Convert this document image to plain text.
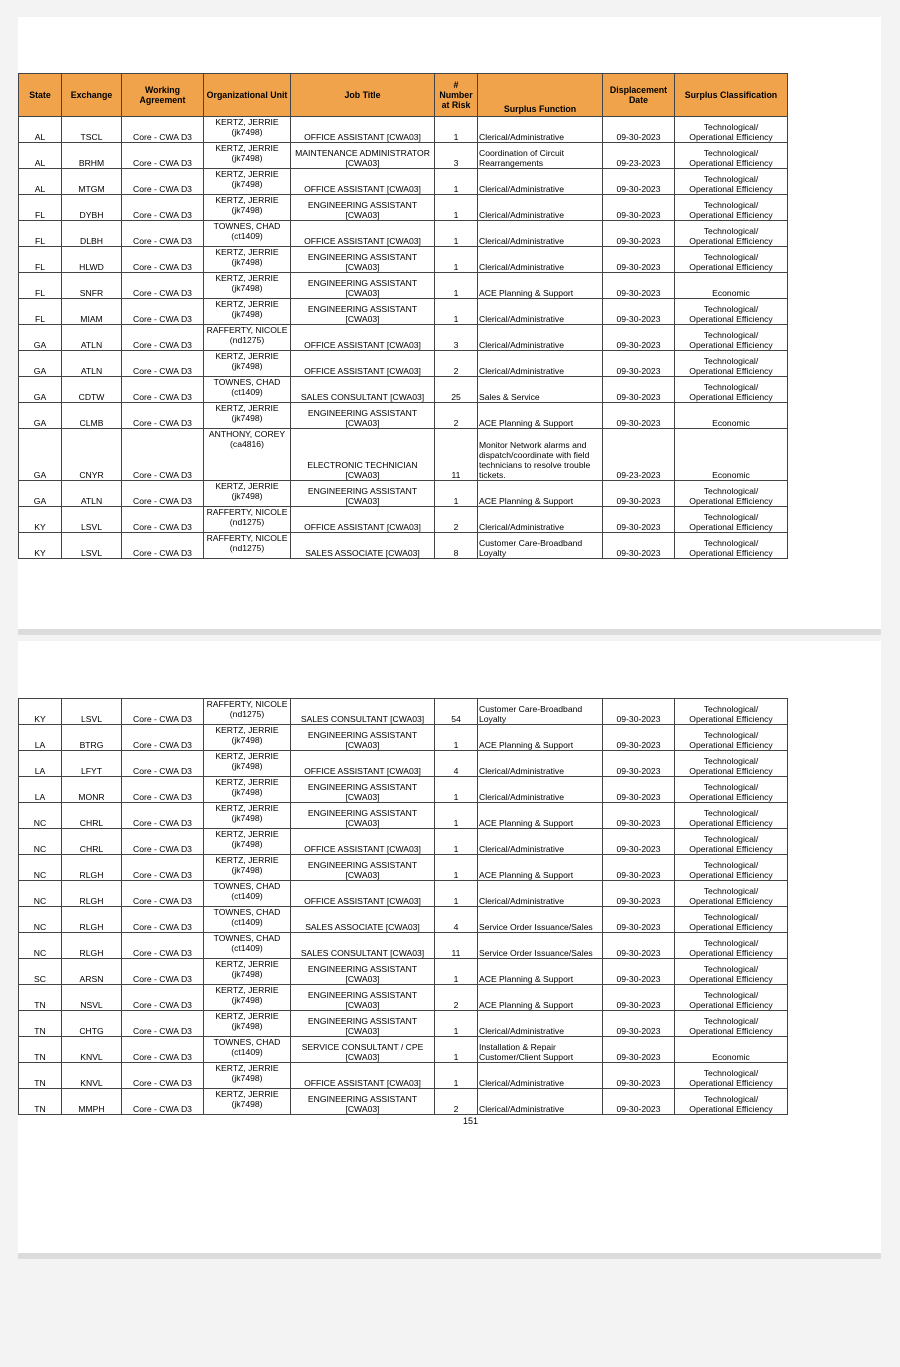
State	Exchange	Working
Agreement	Organizational Unit	Job Title	# Number
at Risk	Surplus Function	Displacement
Date	Surplus Classification
AL	TSCL	Core - CWA D3	KERTZ, JERRIE
(jk7498)	OFFICE ASSISTANT [CWA03]	1	Clerical/Administrative	09-30-2023	Technological/
Operational Efficiency

AL	BRHM	Core - CWA D3	KERTZ, JERRIE
(jk7498)	MAINTENANCE ADMINISTRATOR
[CWA03]	3	Coordination of Circuit Rearrangements	09-23-2023	Technological/
Operational Efficiency

AL	MTGM	Core - CWA D3	KERTZ, JERRIE
(jk7498)	OFFICE ASSISTANT [CWA03]	1	Clerical/Administrative	09-30-2023	Technological/
Operational Efficiency

FL	DYBH	Core - CWA D3	KERTZ, JERRIE
(jk7498)	ENGINEERING ASSISTANT
[CWA03]	1	Clerical/Administrative	09-30-2023	Technological/
Operational Efficiency

FL	DLBH	Core - CWA D3	TOWNES, CHAD
(ct1409)	OFFICE ASSISTANT [CWA03]	1	Clerical/Administrative	09-30-2023	Technological/
Operational Efficiency

FL	HLWD	Core - CWA D3	KERTZ, JERRIE
(jk7498)	ENGINEERING ASSISTANT
[CWA03]	1	Clerical/Administrative	09-30-2023	Technological/
Operational Efficiency

FL	SNFR	Core - CWA D3	KERTZ, JERRIE
(jk7498)	ENGINEERING ASSISTANT
[CWA03]	1	ACE Planning & Support	09-30-2023	Economic

FL	MIAM	Core - CWA D3	KERTZ, JERRIE
(jk7498)	ENGINEERING ASSISTANT
[CWA03]	1	Clerical/Administrative	09-30-2023	Technological/
Operational Efficiency

GA	ATLN	Core - CWA D3	RAFFERTY, NICOLE
(nd1275)	OFFICE ASSISTANT [CWA03]	3	Clerical/Administrative	09-30-2023	Technological/
Operational Efficiency

GA	ATLN	Core - CWA D3	KERTZ, JERRIE
(jk7498)	OFFICE ASSISTANT [CWA03]	2	Clerical/Administrative	09-30-2023	Technological/
Operational Efficiency

GA	CDTW	Core - CWA D3	TOWNES, CHAD
(ct1409)	SALES CONSULTANT [CWA03]	25	Sales & Service	09-30-2023	Technological/
Operational Efficiency

GA	CLMB	Core - CWA D3	KERTZ, JERRIE
(jk7498)	ENGINEERING ASSISTANT
[CWA03]	2	ACE Planning & Support	09-30-2023	Economic

GA	CNYR	Core - CWA D3	ANTHONY, COREY
(ca4816)	ELECTRONIC TECHNICIAN
[CWA03]	11	Monitor Network alarms and dispatch/coordinate with field technicians to resolve trouble tickets.	09-23-2023	Economic

GA	ATLN	Core - CWA D3	KERTZ, JERRIE
(jk7498)	ENGINEERING ASSISTANT
[CWA03]	1	ACE Planning & Support	09-30-2023	Technological/
Operational Efficiency

KY	LSVL	Core - CWA D3	RAFFERTY, NICOLE
(nd1275)	OFFICE ASSISTANT [CWA03]	2	Clerical/Administrative	09-30-2023	Technological/
Operational Efficiency

KY	LSVL	Core - CWA D3	RAFFERTY, NICOLE
(nd1275)	SALES ASSOCIATE [CWA03]	8	Customer Care-Broadband Loyalty	09-30-2023	Technological/
Operational Efficiency
KY	LSVL	Core - CWA D3	RAFFERTY, NICOLE
(nd1275)	SALES CONSULTANT [CWA03]	54	Customer Care-Broadband Loyalty	09-30-2023	Technological/
Operational Efficiency

LA	BTRG	Core - CWA D3	KERTZ, JERRIE
(jk7498)	ENGINEERING ASSISTANT
[CWA03]	1	ACE Planning & Support	09-30-2023	Technological/
Operational Efficiency

LA	LFYT	Core - CWA D3	KERTZ, JERRIE
(jk7498)	OFFICE ASSISTANT [CWA03]	4	Clerical/Administrative	09-30-2023	Technological/
Operational Efficiency

LA	MONR	Core - CWA D3	KERTZ, JERRIE
(jk7498)	ENGINEERING ASSISTANT
[CWA03]	1	Clerical/Administrative	09-30-2023	Technological/
Operational Efficiency

NC	CHRL	Core - CWA D3	KERTZ, JERRIE
(jk7498)	ENGINEERING ASSISTANT
[CWA03]	1	ACE Planning & Support	09-30-2023	Technological/
Operational Efficiency

NC	CHRL	Core - CWA D3	KERTZ, JERRIE
(jk7498)	OFFICE ASSISTANT [CWA03]	1	Clerical/Administrative	09-30-2023	Technological/
Operational Efficiency

NC	RLGH	Core - CWA D3	KERTZ, JERRIE
(jk7498)	ENGINEERING ASSISTANT
[CWA03]	1	ACE Planning & Support	09-30-2023	Technological/
Operational Efficiency

NC	RLGH	Core - CWA D3	TOWNES, CHAD
(ct1409)	OFFICE ASSISTANT [CWA03]	1	Clerical/Administrative	09-30-2023	Technological/
Operational Efficiency

NC	RLGH	Core - CWA D3	TOWNES, CHAD
(ct1409)	SALES ASSOCIATE [CWA03]	4	Service Order Issuance/Sales	09-30-2023	Technological/
Operational Efficiency

NC	RLGH	Core - CWA D3	TOWNES, CHAD
(ct1409)	SALES CONSULTANT [CWA03]	11	Service Order Issuance/Sales	09-30-2023	Technological/
Operational Efficiency

SC	ARSN	Core - CWA D3	KERTZ, JERRIE
(jk7498)	ENGINEERING ASSISTANT
[CWA03]	1	ACE Planning & Support	09-30-2023	Technological/
Operational Efficiency

TN	NSVL	Core - CWA D3	KERTZ, JERRIE
(jk7498)	ENGINEERING ASSISTANT
[CWA03]	2	ACE Planning & Support	09-30-2023	Technological/
Operational Efficiency

TN	CHTG	Core - CWA D3	KERTZ, JERRIE
(jk7498)	ENGINEERING ASSISTANT
[CWA03]	1	Clerical/Administrative	09-30-2023	Technological/
Operational Efficiency

TN	KNVL	Core - CWA D3	TOWNES, CHAD
(ct1409)	SERVICE CONSULTANT / CPE
[CWA03]	1	Installation & Repair Customer/Client Support	09-30-2023	Economic

TN	KNVL	Core - CWA D3	KERTZ, JERRIE
(jk7498)	OFFICE ASSISTANT [CWA03]	1	Clerical/Administrative	09-30-2023	Technological/
Operational Efficiency

TN	MMPH	Core - CWA D3	KERTZ, JERRIE
(jk7498)	ENGINEERING ASSISTANT
[CWA03]	2	Clerical/Administrative	09-30-2023	Technological/
Operational Efficiency
151
